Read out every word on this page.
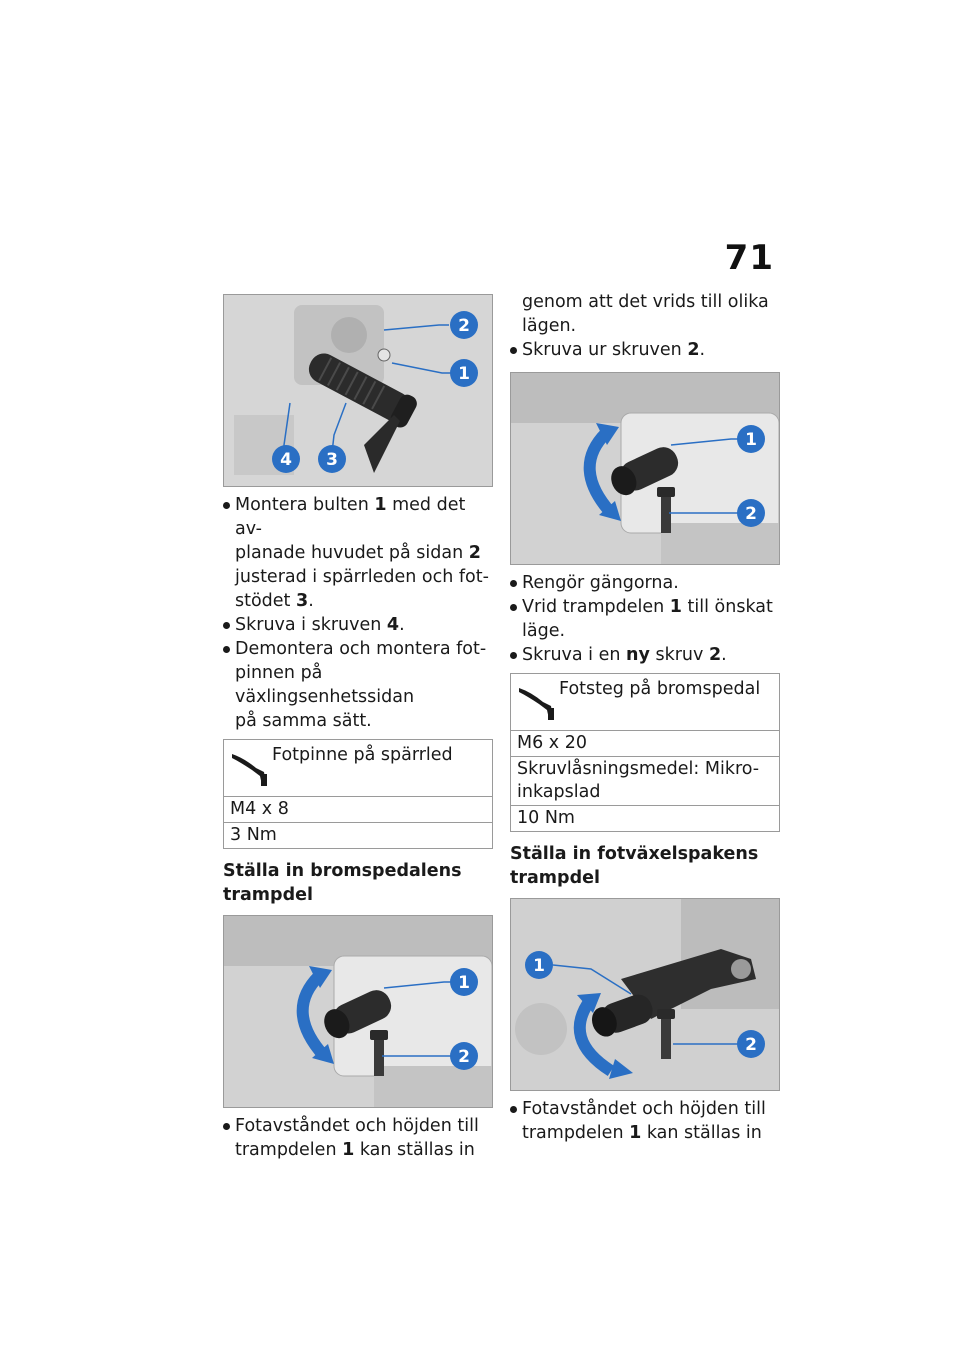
71
2
1
4 3
Montera bulten 1 med det av-
planade huvudet på sidan 2
justerad i spärrleden och fot-
stödet 3.
Skruva i skruven 4.
Demontera och montera fot-
pinnen på växlingsenhetssidan
på samma sätt.
Fotpinne på spärrled
M4 x 8
3 Nm

Ställa in bromspedalens

trampdel

1
2
Fotavståndet och höjden till
trampdelen 1 kan ställas in
genom att det vrids till olika
lägen.
Skruva ur skruven 2.
1
2
Rengör gängorna.
Vrid trampdelen 1 till önskat
läge.
Skruva i en ny skruv 2.
Fotsteg på bromspedal
M6 x 20
Skruvlåsningsmedel: Mikro-
inkapslad
10 Nm

Ställa in fotväxelspakens

trampdel

1
2
Fotavståndet och höjden till
trampdelen 1 kan ställas in
